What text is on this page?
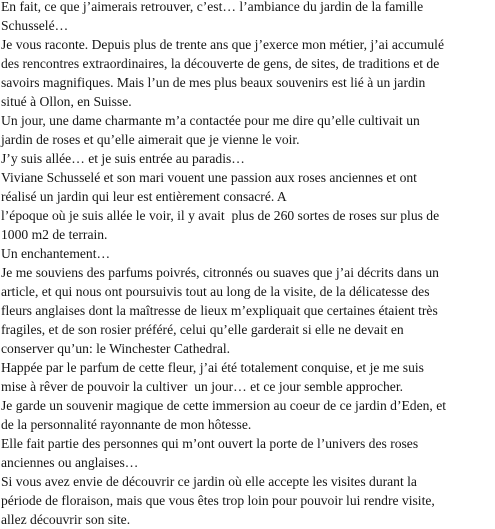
En fait, ce que j’aimerais retrouver, c’est… l’ambiance du jardin de la famille
Schusselé…
Je vous raconte. Depuis plus de trente ans que j’exerce mon métier, j’ai accumulé
des rencontres extraordinaires, la découverte de gens, de sites, de traditions et de
savoirs magnifiques. Mais l’un de mes plus beaux souvenirs est lié à un jardin
situé à Ollon, en Suisse.
Un jour, une dame charmante m’a contactée pour me dire qu’elle cultivait un
jardin de roses et qu’elle aimerait que je vienne le voir.
J’y suis allée… et je suis entrée au paradis…
Viviane Schusselé et son mari vouent une passion aux roses anciennes et ont
réalisé un jardin qui leur est entièrement consacré. A
l’époque où je suis allée le voir, il y avait  plus de 260 sortes de roses sur plus de
1000 m2 de terrain.
Un enchantement…
Je me souviens des parfums poivrés, citronnés ou suaves que j’ai décrits dans un
article, et qui nous ont poursuivis tout au long de la visite, de la délicatesse des
fleurs anglaises dont la maîtresse de lieux m’expliquait que certaines étaient très
fragiles, et de son rosier préféré, celui qu’elle garderait si elle ne devait en
conserver qu’un: le Winchester Cathedral.
Happée par le parfum de cette fleur, j’ai été totalement conquise, et je me suis
mise à rêver de pouvoir la cultiver  un jour… et ce jour semble approcher.
Je garde un souvenir magique de cette immersion au coeur de ce jardin d’Eden, et
de la personnalité rayonnante de mon hôtesse.
Elle fait partie des personnes qui m’ont ouvert la porte de l’univers des roses
anciennes ou anglaises…
Si vous avez envie de découvrir ce jardin où elle accepte les visites durant la
période de floraison, mais que vous êtes trop loin pour pouvoir lui rendre visite,
allez découvrir son site.
